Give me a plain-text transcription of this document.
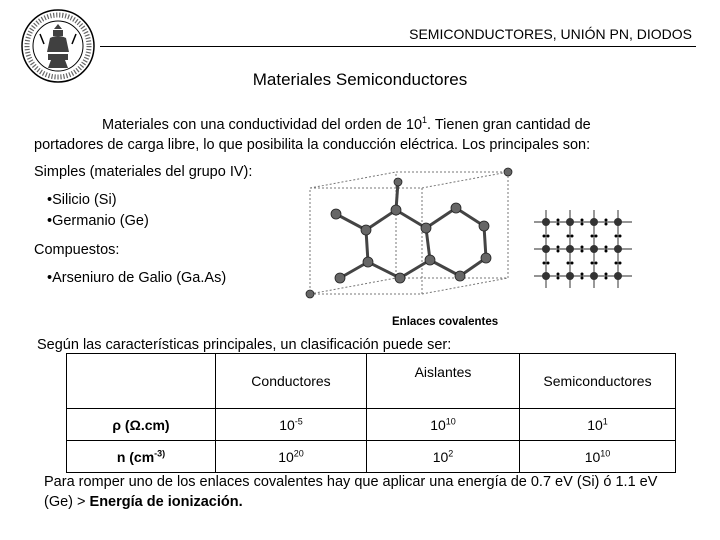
SEMICONDUCTORES, UNIÓN PN, DIODOS
Materiales Semiconductores
Materiales con una conductividad del orden de $10^1$. Tienen gran cantidad de
portadores de carga libre, lo que posibilita la conducción eléctrica. Los principales son:
Simples (materiales del grupo IV):
•Silicio (Si)
•Germanio (Ge)
Compuestos:
•Arseniuro de Galio (Ga.As)
Enlaces covalentes
Según las características principales, un clasificación puede ser:
	Conductores	Aislantes	Semiconductores
ρ (Ω.cm)	$10^{-5}$	$10^{10}$	$10^1$
n ($cm^{-3)}$	$10^{20}$	$10^2$	$10^{10}$
Para romper uno de los enlaces covalentes hay que aplicar una energía de 0.7 eV (Si) ó 1.1 eV (Ge) > Energía de ionización.
